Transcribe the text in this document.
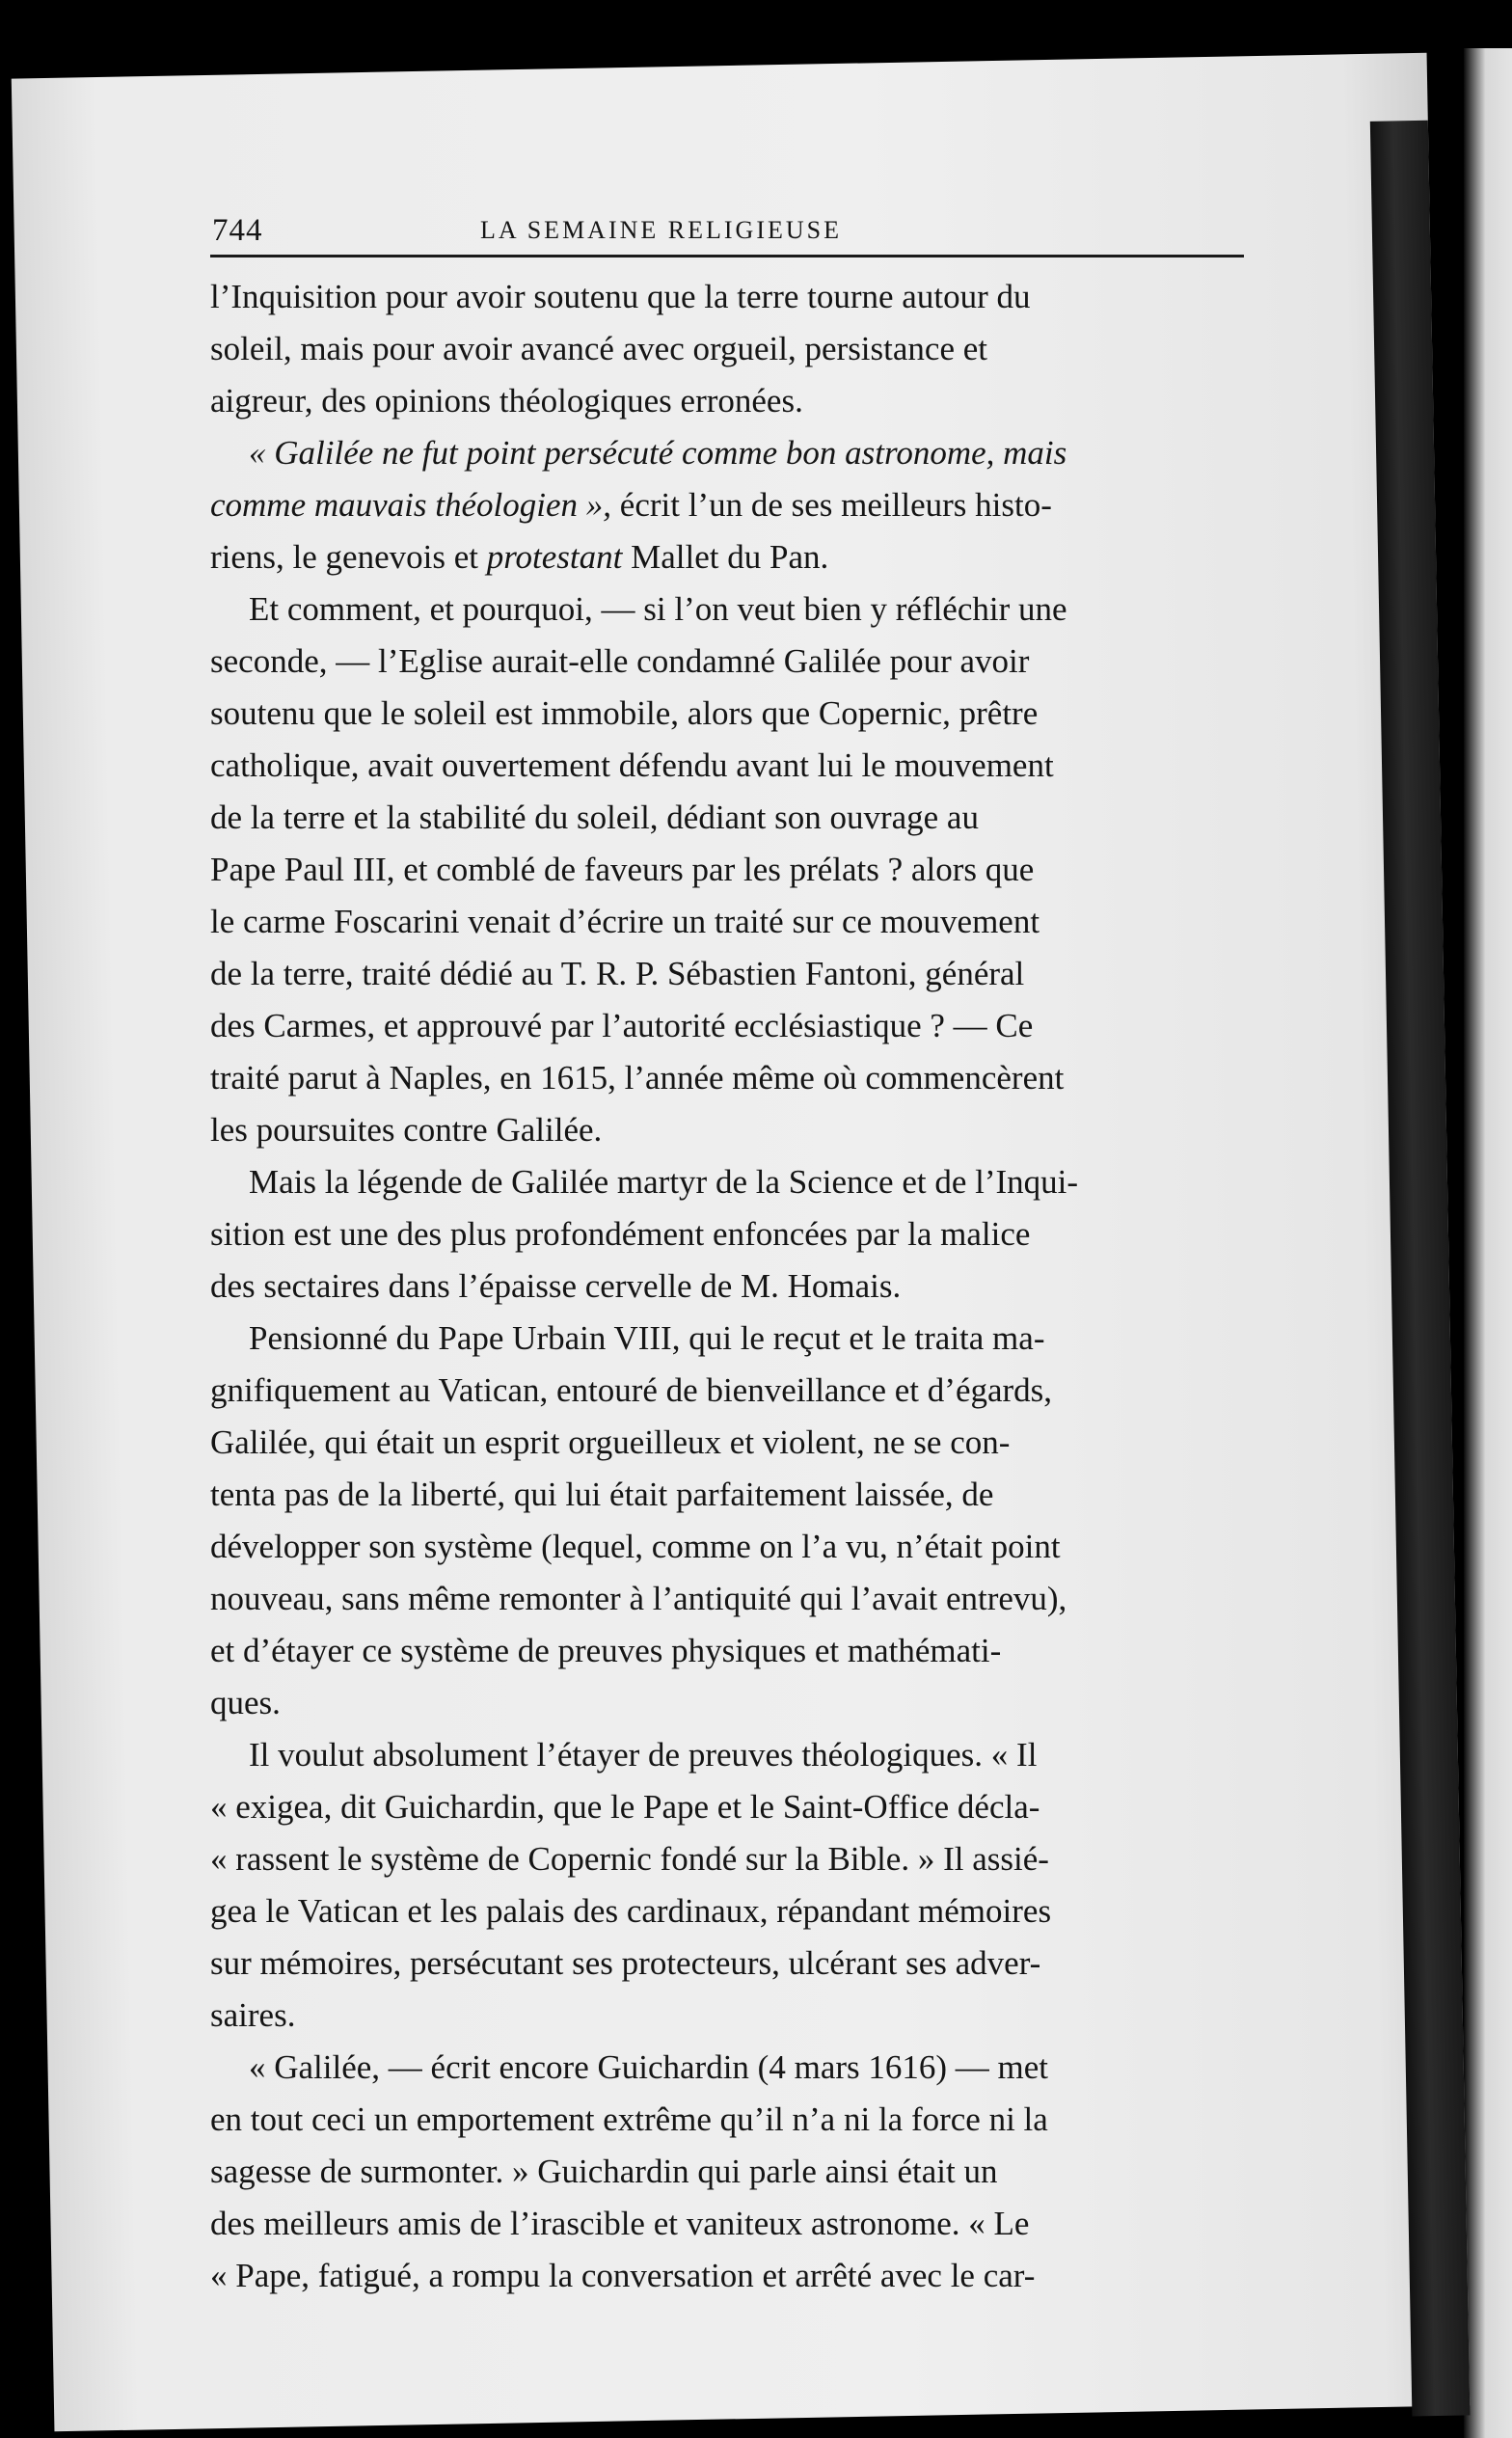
744	LA SEMAINE RELIGIEUSE

l’Inquisition pour avoir soutenu que la terre tourne autour du
soleil, mais pour avoir avancé avec orgueil, persistance et
aigreur, des opinions théologiques erronées.

« Galilée ne fut point persécuté comme bon astronome, mais
comme mauvais théologien », écrit l’un de ses meilleurs histo-
riens, le genevois et protestant Mallet du Pan.

Et comment, et pourquoi, — si l’on veut bien y réfléchir une
seconde, — l’Eglise aurait-elle condamné Galilée pour avoir
soutenu que le soleil est immobile, alors que Copernic, prêtre
catholique, avait ouvertement défendu avant lui le mouvement
de la terre et la stabilité du soleil, dédiant son ouvrage au
Pape Paul III, et comblé de faveurs par les prélats ? alors que
le carme Foscarini venait d’écrire un traité sur ce mouvement
de la terre, traité dédié au T. R. P. Sébastien Fantoni, général
des Carmes, et approuvé par l’autorité ecclésiastique ? — Ce
traité parut à Naples, en 1615, l’année même où commencèrent
les poursuites contre Galilée.

Mais la légende de Galilée martyr de la Science et de l’Inqui-
sition est une des plus profondément enfoncées par la malice
des sectaires dans l’épaisse cervelle de M. Homais.

Pensionné du Pape Urbain VIII, qui le reçut et le traita ma-
gnifiquement au Vatican, entouré de bienveillance et d’égards,
Galilée, qui était un esprit orgueilleux et violent, ne se con-
tenta pas de la liberté, qui lui était parfaitement laissée, de
développer son système (lequel, comme on l’a vu, n’était point
nouveau, sans même remonter à l’antiquité qui l’avait entrevu),
et d’étayer ce système de preuves physiques et mathémati-
ques.

Il voulut absolument l’étayer de preuves théologiques. « Il
« exigea, dit Guichardin, que le Pape et le Saint-Office décla-
« rassent le système de Copernic fondé sur la Bible. » Il assié-
gea le Vatican et les palais des cardinaux, répandant mémoires
sur mémoires, persécutant ses protecteurs, ulcérant ses adver-
saires.

« Galilée, — écrit encore Guichardin (4 mars 1616) — met
en tout ceci un emportement extrême qu’il n’a ni la force ni la
sagesse de surmonter. » Guichardin qui parle ainsi était un
des meilleurs amis de l’irascible et vaniteux astronome. « Le
« Pape, fatigué, a rompu la conversation et arrêté avec le car-
